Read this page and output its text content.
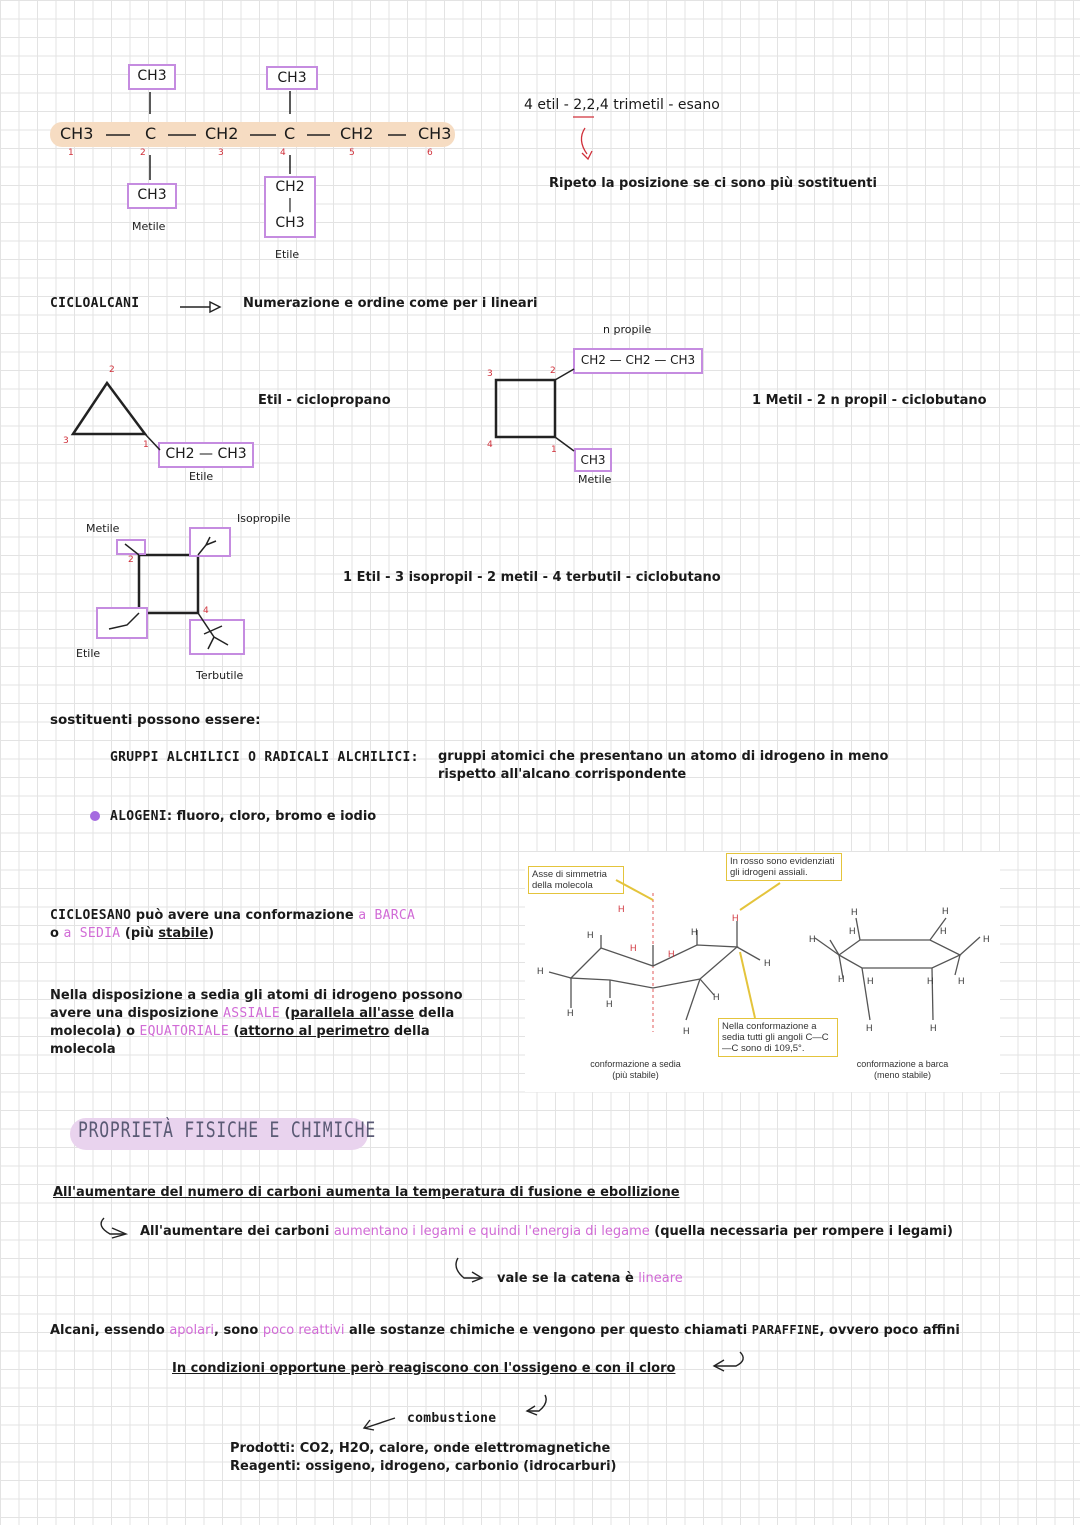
CH3	C	CH2	C	CH2	CH3
1	2	3	4	5	6
CH3	CH3
CH3	CH2
|
CH3
Metile
Etile
4 etil - 2,2,4 trimetil - esano
Ripeto la posizione se ci sono più sostituenti
CICLOALCANI	Numerazione e ordine come per i lineari
2
3	1
CH2 — CH3
Etile
Etil - ciclopropano
n propile
CH2 — CH2 — CH3
3	2
4	1
CH3
Metile
1 Metil - 2 n propil - ciclobutano
Metile
Isopropile
Etile
Terbutile
2
4
1 Etil - 3 isopropil - 2 metil - 4 terbutil - ciclobutano
sostituenti possono essere:
GRUPPI ALCHILICI O RADICALI ALCHILICI: gruppi atomici che presentano un atomo di idrogeno in meno
rispetto all'alcano corrispondente
ALOGENI: fluoro, cloro, bromo e iodio
CICLOESANO può avere una conformazione a BARCA
o a SEDIA (più stabile)
Nella disposizione a sedia gli atomi di idrogeno possono
avere una disposizione ASSIALE (parallela all'asse della
molecola) o EQUATORIALE (attorno al perimetro della
molecola
Asse di simmetria della molecola
In rosso sono evidenziati gli idrogeni assiali.
Nella conformazione a sedia tutti gli angoli C—C—C sono di 109,5°.
conformazione a sedia
(più stabile)
conformazione a barca
(meno stabile)
PROPRIETÀ FISICHE E CHIMICHE
All'aumentare del numero di carboni aumenta la temperatura di fusione e ebollizione
All'aumentare dei carboni aumentano i legami e quindi l'energia di legame (quella necessaria per rompere i legami)
vale se la catena è lineare
Alcani, essendo apolari, sono poco reattivi alle sostanze chimiche e vengono per questo chiamati PARAFFINE, ovvero poco affini
In condizioni opportune però reagiscono con l'ossigeno e con il cloro
combustione
Prodotti: CO2, H2O, calore, onde elettromagnetiche
Reagenti: ossigeno, idrogeno, carbonio (idrocarburi)
H
H
H
H
H
H
H
H
H
H	H
H
H	H
H	H
H	H
H	H
H
H
H
H
